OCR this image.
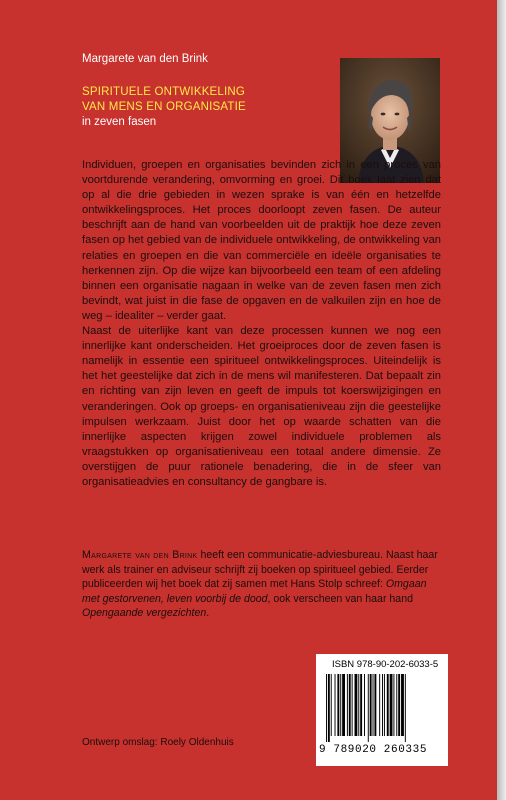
Margarete van den Brink
SPIRITUELE ONTWIKKELING
VAN MENS EN ORGANISATIE
in zeven fasen

Individuen, groepen en organisaties bevinden zich in een proces van voortdurende verandering, omvorming en groei. Dit boek laat zien dat op al die drie gebieden in wezen sprake is van één en hetzelfde ontwikkelingsproces. Het proces doorloopt zeven fasen. De auteur beschrijft aan de hand van voorbeelden uit de praktijk hoe deze zeven fasen op het gebied van de individuele ontwikkeling, de ontwikkeling van relaties en groepen en die van commerciële en ideële organisaties te herkennen zijn. Op die wijze kan bijvoorbeeld een team of een afdeling binnen een organisatie nagaan in welke van de zeven fasen men zich bevindt, wat juist in die fase de opgaven en de valkuilen zijn en hoe de weg – idealiter – verder gaat.

Naast de uiterlijke kant van deze processen kunnen we nog een innerlijke kant onderscheiden. Het groeiproces door de zeven fasen is namelijk in essentie een spiritueel ontwikkelingsproces. Uiteindelijk is het het geestelijke dat zich in de mens wil manifesteren. Dat bepaalt zin en richting van zijn leven en geeft de impuls tot koerswijzigingen en veranderingen. Ook op groeps- en organisatieniveau zijn die geestelijke impulsen werkzaam. Juist door het op waarde schatten van die innerlijke aspecten krijgen zowel individuele problemen als vraagstukken op organisatieniveau een totaal andere dimensie. Ze overstijgen de puur rationele benadering, die in de sfeer van organisatieadvies en consultancy de gangbare is.

Margarete van den Brink heeft een communicatie-adviesbureau. Naast haar werk als trainer en adviseur schrijft zij boeken op spiritueel gebied. Eerder publiceerden wij het boek dat zij samen met Hans Stolp schreef: Omgaan met gestorvenen, leven voorbij de dood, ook verscheen van haar hand Opengaande vergezichten.

ISBN 978-90-202-6033-5
9 789020 260335
Ontwerp omslag: Roely Oldenhuis
